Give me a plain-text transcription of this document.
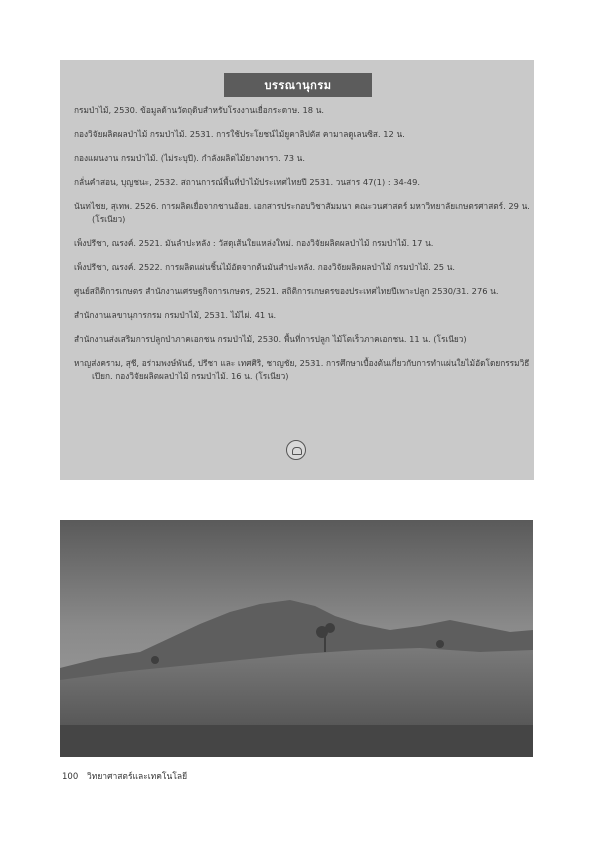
บรรณานุกรม

กรมป่าไม้, 2530. ข้อมูลด้านวัตถุดิบสำหรับโรงงานเยื่อกระดาษ. 18 น.

กองวิจัยผลิตผลป่าไม้ กรมป่าไม้. 2531. การใช้ประโยชน์ไม้ยูคาลิปตัส คามาลดูเลนซิส. 12 น.

กองแผนงาน กรมป่าไม้. (ไม่ระบุปี). กำลังผลิตไม้ยางพารา. 73 น.

กลั่นคำสอน, บุญชนะ, 2532. สถานการณ์พื้นที่ป่าไม้ประเทศไทยปี 2531. วนสาร 47(1) : 34-49.

นันทไชย, สุเทพ. 2526. การผลิตเยื่อจากชานอ้อย. เอกสารประกอบวิชาสัมมนา คณะวนศาสตร์ มหาวิทยาลัยเกษตรศาสตร์. 29 น. (โรเนียว)

เพ็งปรีชา, ณรงค์. 2521. มันลำปะหลัง : วัสดุเส้นใยแหล่งใหม่. กองวิจัยผลิตผลป่าไม้ กรมป่าไม้. 17 น.

เพ็งปรีชา, ณรงค์. 2522. การผลิตแผ่นชิ้นไม้อัดจากต้นมันสำปะหลัง. กองวิจัยผลิตผลป่าไม้ กรมป่าไม้. 25 น.

ศูนย์สถิติการเกษตร สำนักงานเศรษฐกิจการเกษตร, 2521. สถิติการเกษตรของประเทศไทยปีเพาะปลูก 2530/31. 276 น.

สำนักงานเลขานุการกรม กรมป่าไม้, 2531. ไม้ไผ่. 41 น.

สำนักงานส่งเสริมการปลูกป่าภาคเอกชน กรมป่าไม้, 2530. พื้นที่การปลูก ไม้โตเร็วภาคเอกชน. 11 น. (โรเนียว)

หาญส่งคราม, สุชี, อร่ามพงษ์พันธ์, ปรีชา และ เทศศิริ, ชาญชัย, 2531. การศึกษาเบื้องต้นเกี่ยวกับการทำแผ่นใยไม้อัดโดยกรรมวิธีเปียก. กองวิจัยผลิตผลป่าไม้ กรมป่าไม้. 16 น. (โรเนียว)

100 วิทยาศาสตร์และเทคโนโลยี
